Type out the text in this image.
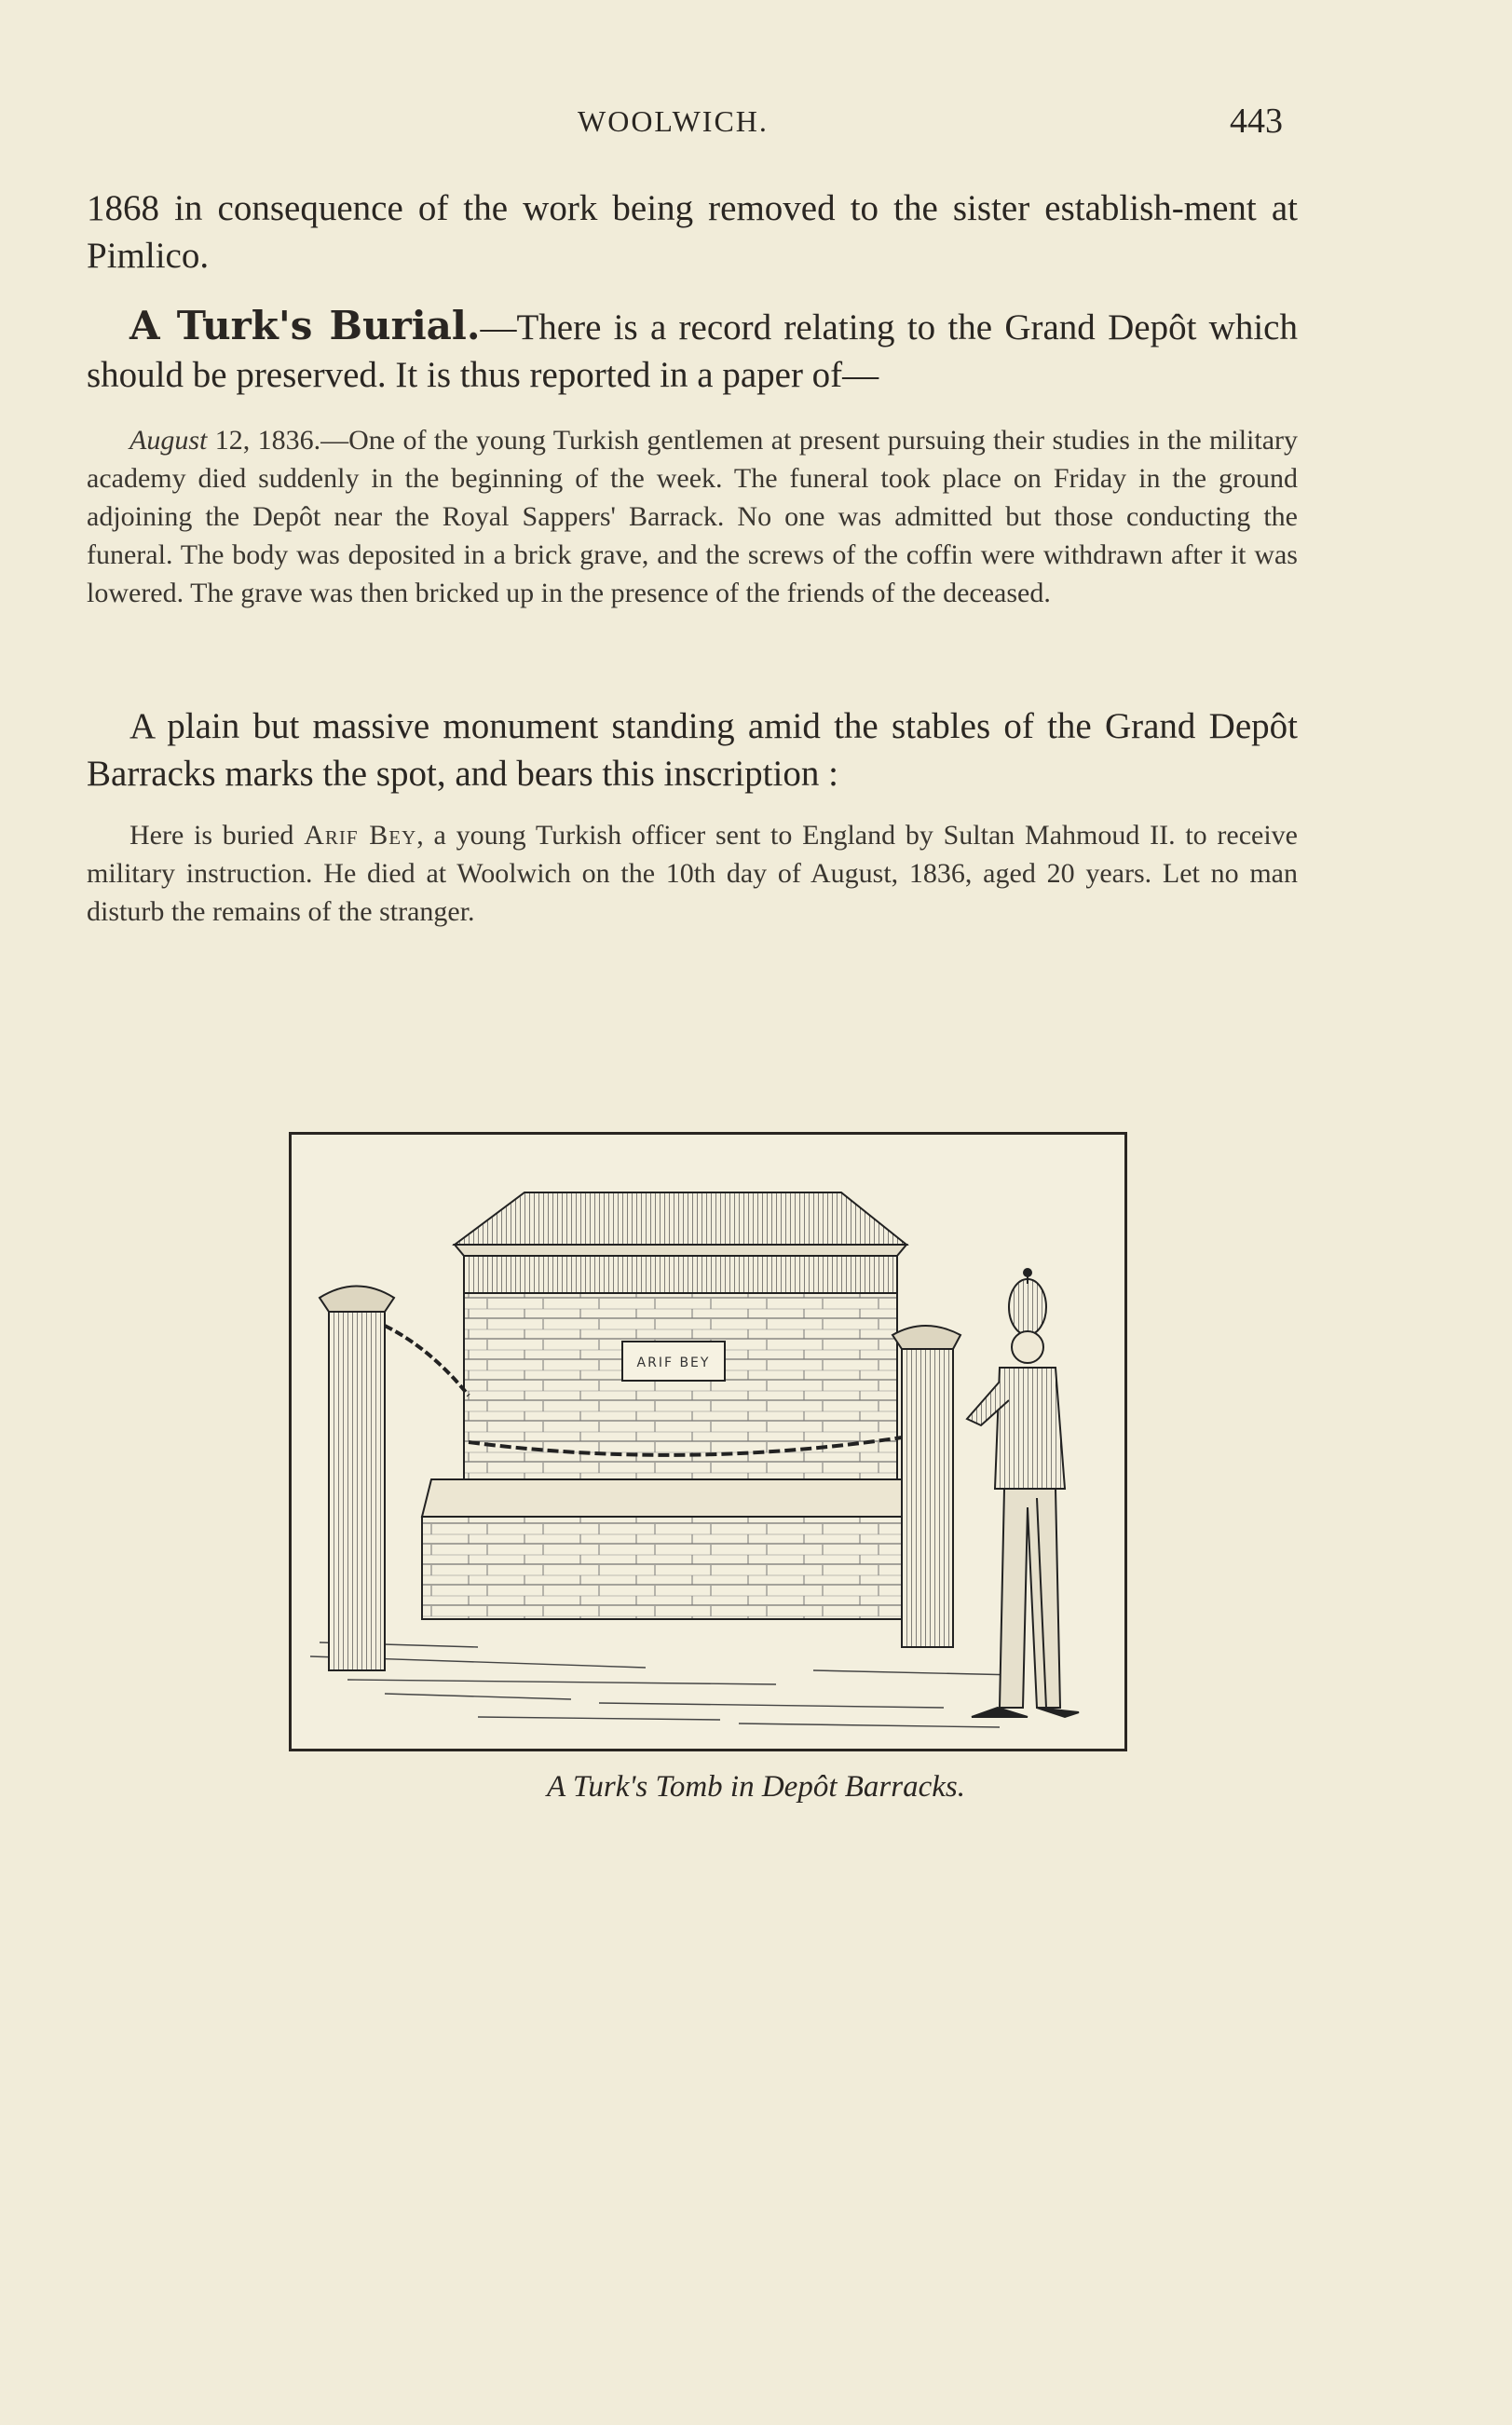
WOOLWICH.	443
1868 in consequence of the work being removed to the sister establish-ment at Pimlico.
A Turk's Burial.—There is a record relating to the Grand Depôt which should be preserved. It is thus reported in a paper of—
August 12, 1836.—One of the young Turkish gentlemen at present pursuing their studies in the military academy died suddenly in the beginning of the week. The funeral took place on Friday in the ground adjoining the Depôt near the Royal Sappers' Barrack. No one was admitted but those conducting the funeral. The body was deposited in a brick grave, and the screws of the coffin were withdrawn after it was lowered. The grave was then bricked up in the presence of the friends of the deceased.
A plain but massive monument standing amid the stables of the Grand Depôt Barracks marks the spot, and bears this inscription :
Here is buried Arif Bey, a young Turkish officer sent to England by Sultan Mahmoud II. to receive military instruction. He died at Woolwich on the 10th day of August, 1836, aged 20 years. Let no man disturb the remains of the stranger.
ARIF BEY
A Turk's Tomb in Depôt Barracks.
